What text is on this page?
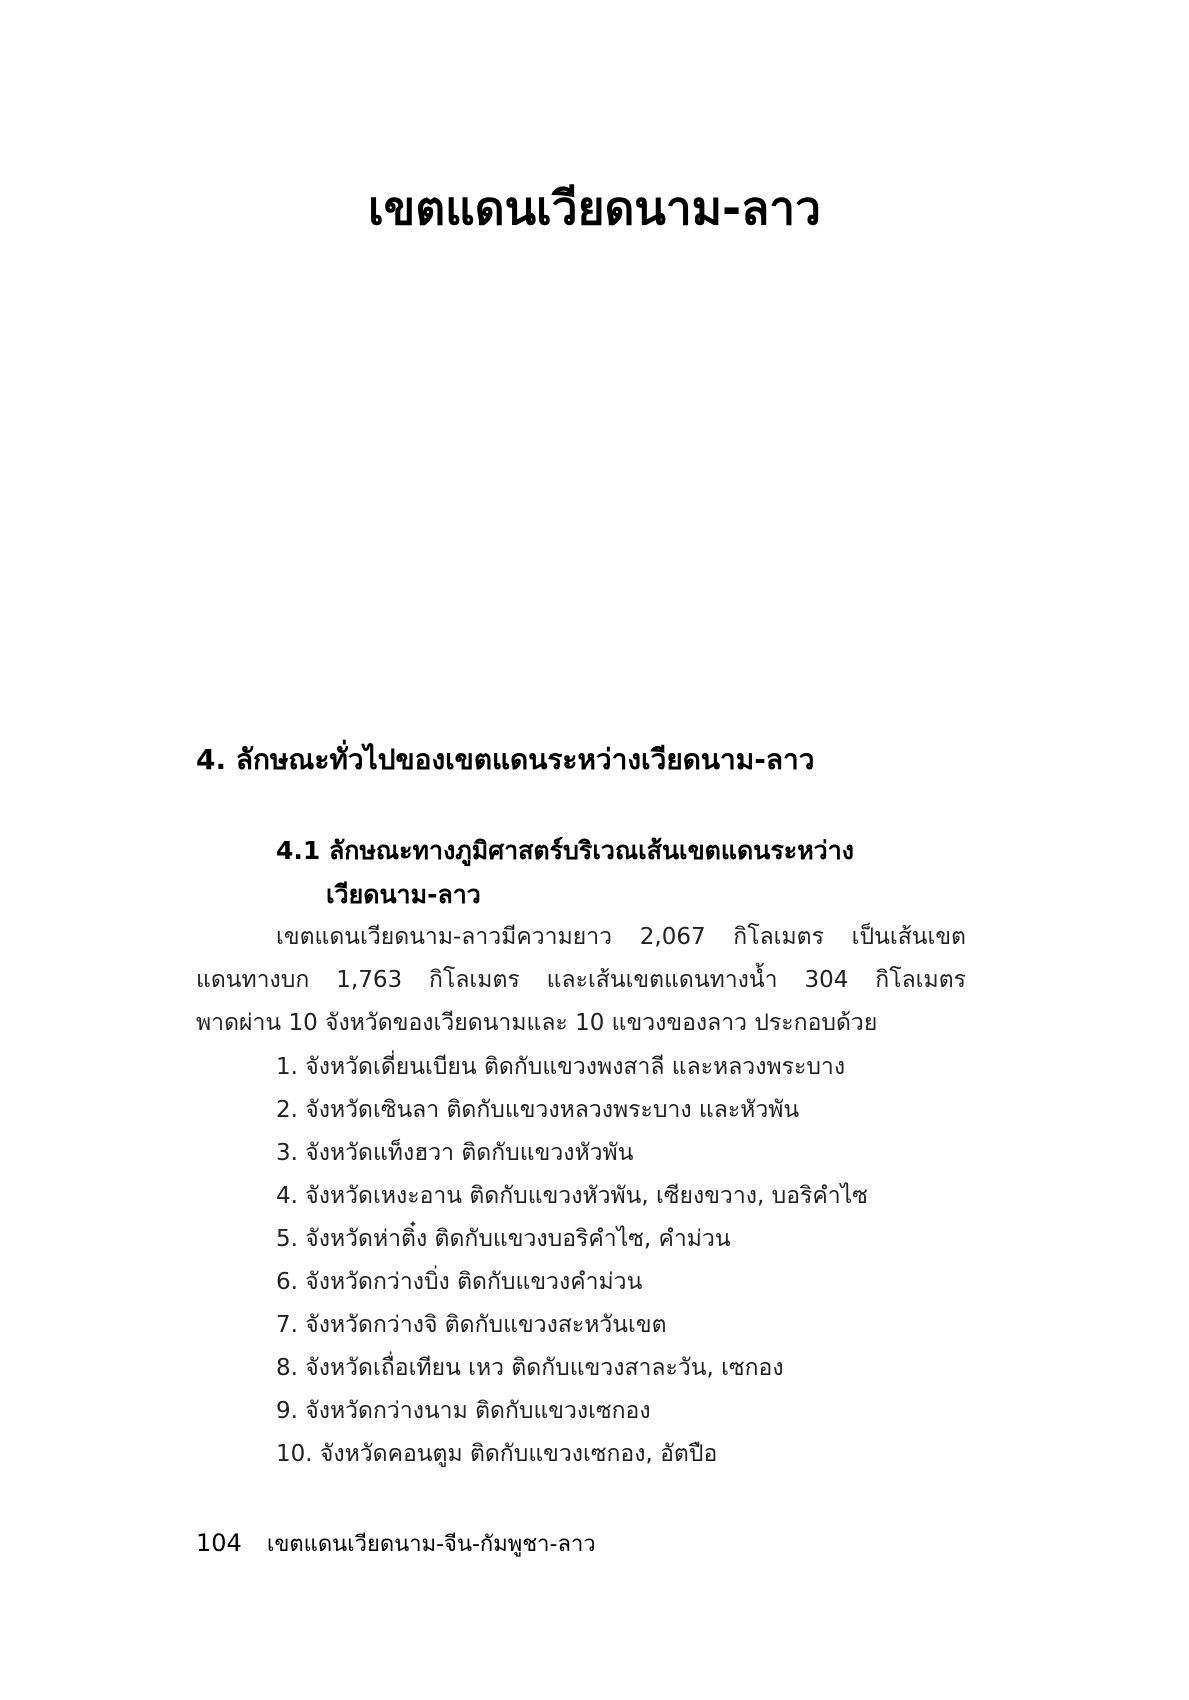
เขตแดนเวียดนาม-ลาว
4. ลักษณะทั่วไปของเขตแดนระหว่างเวียดนาม-ลาว
4.1 ลักษณะทางภูมิศาสตร์บริเวณเส้นเขตแดนระหว่าง
เวียดนาม-ลาว
เขตแดนเวียดนาม-ลาวมีความยาว 2,067 กิโลเมตร เป็นเส้นเขต
แดนทางบก 1,763 กิโลเมตร และเส้นเขตแดนทางน้ำ 304 กิโลเมตร
พาดผ่าน 10 จังหวัดของเวียดนามและ 10 แขวงของลาว ประกอบด้วย
1. จังหวัดเดี่ยนเบียน ติดกับแขวงพงสาลี และหลวงพระบาง
2. จังหวัดเซินลา ติดกับแขวงหลวงพระบาง และหัวพัน
3. จังหวัดแท็งฮวา ติดกับแขวงหัวพัน
4. จังหวัดเหงะอาน ติดกับแขวงหัวพัน, เซียงขวาง, บอริคำไซ
5. จังหวัดห่าติ๋ง ติดกับแขวงบอริคำไซ, คำม่วน
6. จังหวัดกว่างบิ่ง ติดกับแขวงคำม่วน
7. จังหวัดกว่างจิ ติดกับแขวงสะหวันเขต
8. จังหวัดเถื่อเทียน เหว ติดกับแขวงสาละวัน, เซกอง
9. จังหวัดกว่างนาม ติดกับแขวงเซกอง
10. จังหวัดคอนตูม ติดกับแขวงเซกอง, อัตปือ
104 เขตแดนเวียดนาม-จีน-กัมพูชา-ลาว
